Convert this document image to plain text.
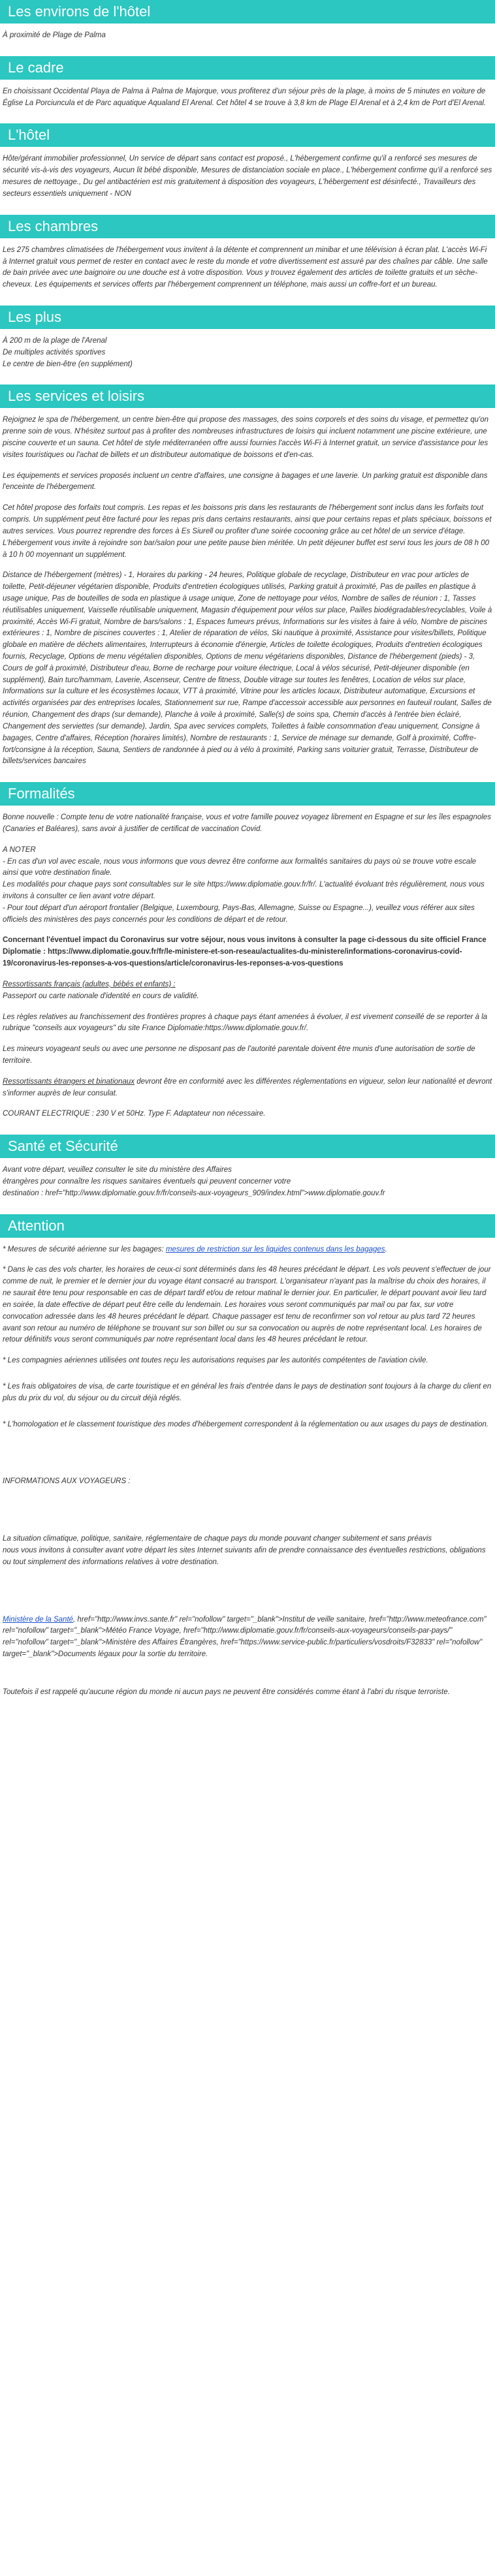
Les environs de l'hôtel

À proximité de Plage de Palma

Le cadre

En choisissant Occidental Playa de Palma à Palma de Majorque, vous profiterez d'un séjour près de la plage, à moins de 5 minutes en voiture de Église La Porciuncula et de Parc aquatique Aqualand El Arenal. Cet hôtel 4 se trouve à 3,8 km de Plage El Arenal et à 2,4 km de Port d'El Arenal.

L'hôtel

Hôte/gérant immobilier professionnel, Un service de départ sans contact est proposé., L'hébergement confirme qu'il a renforcé ses mesures de sécurité vis-à-vis des voyageurs, Aucun lit bébé disponible, Mesures de distanciation sociale en place., L'hébergement confirme qu'il a renforcé ses mesures de nettoyage., Du gel antibactérien est mis gratuitement à disposition des voyageurs, L'hébergement est désinfecté., Travailleurs des secteurs essentiels uniquement - NON

Les chambres

Les 275 chambres climatisées de l'hébergement vous invitent à la détente et comprennent un minibar et une télévision à écran plat. L'accès Wi-Fi à Internet gratuit vous permet de rester en contact avec le reste du monde et votre divertissement est assuré par des chaînes par câble. Une salle de bain privée avec une baignoire ou une douche est à votre disposition. Vous y trouvez également des articles de toilette gratuits et un sèche-cheveux. Les équipements et services offerts par l'hébergement comprennent un téléphone, mais aussi un coffre-fort et un bureau.

Les plus

À 200 m de la plage de l'Arenal
De multiples activités sportives
Le centre de bien-être (en supplément)

Les services et loisirs

Rejoignez le spa de l'hébergement, un centre bien-être qui propose des massages, des soins corporels et des soins du visage, et permettez qu'on prenne soin de vous. N'hésitez surtout pas à profiter des nombreuses infrastructures de loisirs qui incluent notamment une piscine extérieure, une piscine couverte et un sauna. Cet hôtel de style méditerranéen offre aussi fournies l'accès Wi-Fi à Internet gratuit, un service d'assistance pour les visites touristiques ou l'achat de billets et un distributeur automatique de boissons et d'en-cas.

Les équipements et services proposés incluent un centre d'affaires, une consigne à bagages et une laverie. Un parking gratuit est disponible dans l'enceinte de l'hébergement.

Cet hôtel propose des forfaits tout compris. Les repas et les boissons pris dans les restaurants de l'hébergement sont inclus dans les forfaits tout compris. Un supplément peut être facturé pour les repas pris dans certains restaurants, ainsi que pour certains repas et plats spéciaux, boissons et autres services. Vous pourrez reprendre des forces à Es Siurell ou profiter d'une soirée cocooning grâce au cet hôtel de un service d'étage. L'hébergement vous invite à rejoindre son bar/salon pour une petite pause bien méritée. Un petit déjeuner buffet est servi tous les jours de 08 h 00 à 10 h 00 moyennant un supplément.

Distance de l'hébergement (mètres) - 1, Horaires du parking - 24 heures, Politique globale de recyclage, Distributeur en vrac pour articles de toilette, Petit-déjeuner végétarien disponible, Produits d'entretien écologiques utilisés, Parking gratuit à proximité, Pas de pailles en plastique à usage unique, Pas de bouteilles de soda en plastique à usage unique, Zone de nettoyage pour vélos, Nombre de salles de réunion : 1, Tasses réutilisables uniquement, Vaisselle réutilisable uniquement, Magasin d'équipement pour vélos sur place, Pailles biodégradables/recyclables, Voile à proximité, Accès Wi-Fi gratuit, Nombre de bars/salons : 1, Espaces fumeurs prévus, Informations sur les visites à faire à vélo, Nombre de piscines extérieures : 1, Nombre de piscines couvertes : 1, Atelier de réparation de vélos, Ski nautique à proximité, Assistance pour visites/billets, Politique globale en matière de déchets alimentaires, Interrupteurs à économie d'énergie, Articles de toilette écologiques, Produits d'entretien écologiques fournis, Recyclage, Options de menu végétalien disponibles, Options de menu végétariens disponibles, Distance de l'hébergement (pieds) - 3, Cours de golf à proximité, Distributeur d'eau, Borne de recharge pour voiture électrique, Local à vélos sécurisé, Petit-déjeuner disponible (en supplément), Bain turc/hammam, Laverie, Ascenseur, Centre de fitness, Double vitrage sur toutes les fenêtres, Location de vélos sur place, Informations sur la culture et les écosystèmes locaux, VTT à proximité, Vitrine pour les articles locaux, Distributeur automatique, Excursions et activités organisées par des entreprises locales, Stationnement sur rue, Rampe d'accessoir accessible aux personnes en fauteuil roulant, Salles de réunion, Changement des draps (sur demande), Planche à voile à proximité, Salle(s) de soins spa, Chemin d'accès à l'entrée bien éclairé, Changement des serviettes (sur demande), Jardin, Spa avec services complets, Toilettes à faible consommation d'eau uniquement, Consigne à bagages, Centre d'affaires, Réception (horaires limités), Nombre de restaurants : 1, Service de ménage sur demande, Golf à proximité, Coffre-fort/consigne à la réception, Sauna, Sentiers de randonnée à pied ou à vélo à proximité, Parking sans voiturier gratuit, Terrasse, Distributeur de billets/services bancaires

Formalités

Bonne nouvelle : Compte tenu de votre nationalité française, vous et votre famille pouvez voyagez librement en Espagne et sur les îles espagnoles (Canaries et Baléares), sans avoir à justifier de certificat de vaccination Covid.

A NOTER
- En cas d'un vol avec escale, nous vous informons que vous devrez être conforme aux formalités sanitaires du pays où se trouve votre escale ainsi que votre destination finale.
Les modalités pour chaque pays sont consultables sur le site https://www.diplomatie.gouv.fr/fr/. L'actualité évoluant très régulièrement, nous vous invitons à consulter ce lien avant votre départ.
- Pour tout départ d'un aéroport frontalier (Belgique, Luxembourg, Pays-Bas, Allemagne, Suisse ou Espagne...), veuillez vous référer aux sites officiels des ministères des pays concernés pour les conditions de départ et de retour.

Concernant l'éventuel impact du Coronavirus sur votre séjour, nous vous invitons à consulter la page ci-dessous du site officiel France Diplomatie : https://www.diplomatie.gouv.fr/fr/le-ministere-et-son-reseau/actualites-du-ministere/informations-coronavirus-covid-19/coronavirus-les-reponses-a-vos-questions/article/coronavirus-les-reponses-a-vos-questions

Ressortissants français (adultes, bébés et enfants) :
Passeport ou carte nationale d'identité en cours de validité.

Les règles relatives au franchissement des frontières propres à chaque pays étant amenées à évoluer, il est vivement conseillé de se reporter à la rubrique "conseils aux voyageurs" du site France Diplomatie:https://www.diplomatie.gouv.fr/.

Les mineurs voyageant seuls ou avec une personne ne disposant pas de l'autorité parentale doivent être munis d'une autorisation de sortie de territoire.

Ressortissants étrangers et binationaux devront être en conformité avec les différentes réglementations en vigueur, selon leur nationalité et devront s'informer auprès de leur consulat.

COURANT ELECTRIQUE : 230 V et 50Hz. Type F. Adaptateur non nécessaire.

Santé et Sécurité

Avant votre départ, veuillez consulter le site du ministère des Affaires
étrangères pour connaître les risques sanitaires éventuels qui peuvent concerner votre
destination : href="http://www.diplomatie.gouv.fr/fr/conseils-aux-voyageurs_909/index.html">www.diplomatie.gouv.fr

Attention

* Mesures de sécurité aérienne sur les bagages: mesures de restriction sur les liquides contenus dans les bagages.

* Dans le cas des vols charter, les horaires de ceux-ci sont déterminés dans les 48 heures précédant le départ. Les vols peuvent s'effectuer de jour comme de nuit, le premier et le dernier jour du voyage étant consacré au transport. L'organisateur n'ayant pas la maîtrise du choix des horaires, il ne saurait être tenu pour responsable en cas de départ tardif et/ou de retour matinal le dernier jour. En particulier, le départ pouvant avoir lieu tard en soirée, la date effective de départ peut être celle du lendemain. Les horaires vous seront communiqués par mail ou par fax, sur votre convocation adressée dans les 48 heures précédant le départ. Chaque passager est tenu de reconfirmer son vol retour au plus tard 72 heures avant son retour au numéro de téléphone se trouvant sur son billet ou sur sa convocation ou auprès de notre représentant local. Les horaires de retour définitifs vous seront communiqués par notre représentant local dans les 48 heures précédant le retour.

* Les compagnies aériennes utilisées ont toutes reçu les autorisations requises par les autorités compétentes de l'aviation civile.

* Les frais obligatoires de visa, de carte touristique et en général les frais d'entrée dans le pays de destination sont toujours à la charge du client en plus du prix du vol, du séjour ou du circuit déjà réglés.

* L'homologation et le classement touristique des modes d'hébergement correspondent à la réglementation ou aux usages du pays de destination.

INFORMATIONS AUX VOYAGEURS :

La situation climatique, politique, sanitaire, réglementaire de chaque pays du monde pouvant changer subitement et sans préavis
nous vous invitons à consulter avant votre départ les sites Internet suivants afin de prendre connaissance des éventuelles restrictions, obligations ou tout simplement des informations relatives à votre destination.

Ministère de la Santé, href="http://www.invs.sante.fr" rel="nofollow" target="_blank">Institut de veille sanitaire, href="http://www.meteofrance.com" rel="nofollow" target="_blank">Météo France Voyage, href="http://www.diplomatie.gouv.fr/fr/conseils-aux-voyageurs/conseils-par-pays/" rel="nofollow" target="_blank">Ministère des Affaires Étrangères, href="https://www.service-public.fr/particuliers/vosdroits/F32833" rel="nofollow" target="_blank">Documents légaux pour la sortie du territoire.

Toutefois il est rappelé qu'aucune région du monde ni aucun pays ne peuvent être considérés comme étant à l'abri du risque terroriste.
